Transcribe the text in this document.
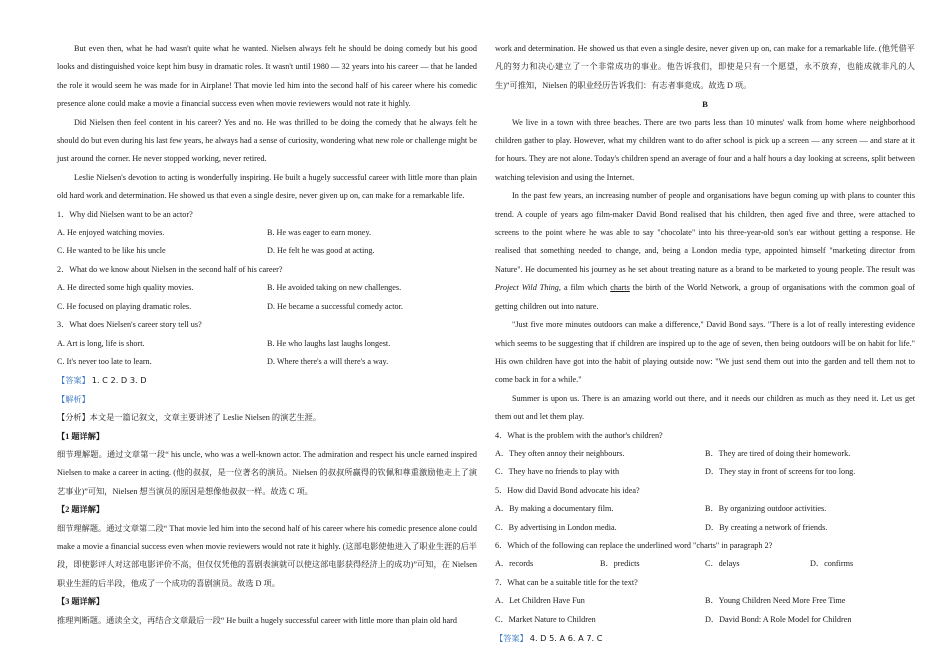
But even then, what he had wasn't quite what he wanted. Nielsen always felt he should be doing comedy but his good looks and distinguished voice kept him busy in dramatic roles. It wasn't until 1980 — 32 years into his career — that he landed the role it would seem he was made for in Airplane! That movie led him into the second half of his career where his comedic presence alone could make a movie a financial success even when movie reviewers would not rate it highly.
Did Nielsen then feel content in his career? Yes and no. He was thrilled to be doing the comedy that he always felt he should do but even during his last few years, he always had a sense of curiosity, wondering what new role or challenge might be just around the corner. He never stopped working, never retired.
Leslie Nielsen's devotion to acting is wonderfully inspiring. He built a hugely successful career with little more than plain old hard work and determination. He showed us that even a single desire, never given up on, can make for a remarkable life.
1．Why did Nielsen want to be an actor?
A. He enjoyed watching movies.	B. He was eager to earn money.
C. He wanted to be like his uncle	D. He felt he was good at acting.
2．What do we know about Nielsen in the second half of his career?
A. He directed some high quality movies.	B. He avoided taking on new challenges.
C. He focused on playing dramatic roles.	D. He became a successful comedy actor.
3．What does Nielsen's career story tell us?
A. Art is long, life is short.	B. He who laughs last laughs longest.
C. It's never too late to learn.	D. Where there's a will there's a way.
【答案】 1. C 2. D 3. D
【解析】
【分析】本文是一篇记叙文，文章主要讲述了 Leslie Nielsen 的演艺生涯。
【1 题详解】
细节理解题。通过文章第一段“ his uncle, who was a well-known actor. The admiration and respect his uncle earned inspired Nielsen to make a career in acting. (他的叔叔，是一位著名的演员。Nielsen 的叔叔所赢得的钦佩和尊重激励他走上了演艺事业)”可知，Nielsen 想当演员的原因是想像他叔叔一样。故选 C 项。
【2 题详解】
细节理解题。通过文章第二段“ That movie led him into the second half of his career where his comedic presence alone could make a movie a financial success even when movie reviewers would not rate it highly. (这部电影使他进入了职业生涯的后半段，即使影评人对这部电影评价不高，但仅仅凭他的喜剧表演就可以使这部电影获得经济上的成功)”可知，在 Nielsen 职业生涯的后半段，他成了一个成功的喜剧演员。故选 D 项。
【3 题详解】
推理判断题。通读全文，再结合文章最后一段“ He built a hugely successful career with little more than plain old hard
work and determination. He showed us that even a single desire, never given up on, can make for a remarkable life. (他凭借平凡的努力和决心建立了一个非常成功的事业。他告诉我们，即使是只有一个愿望，永不放弃，也能成就非凡的人生)”可推知，Nielsen 的职业经历告诉我们：有志者事竟成。故选 D 项。
B
We live in a town with three beaches. There are two parts less than 10 minutes' walk from home where neighborhood children gather to play. However, what my children want to do after school is pick up a screen — any screen — and stare at it for hours. They are not alone. Today's children spend an average of four and a half hours a day looking at screens, split between watching television and using the Internet.
In the past few years, an increasing number of people and organisations have begun coming up with plans to counter this trend. A couple of years ago film-maker David Bond realised that his children, then aged five and three, were attached to screens to the point where he was able to say "chocolate" into his three-year-old son's ear without getting a response. He realised that something needed to change, and, being a London media type, appointed himself "marketing director from Nature". He documented his journey as he set about treating nature as a brand to be marketed to young people. The result was Project Wild Thing, a film which charts the birth of the World Network, a group of organisations with the common goal of getting children out into nature.
"Just five more minutes outdoors can make a difference," David Bond says. "There is a lot of really interesting evidence which seems to be suggesting that if children are inspired up to the age of seven, then being outdoors will be on habit for life." His own children have got into the habit of playing outside now: "We just send them out into the garden and tell them not to come back in for a while."
Summer is upon us. There is an amazing world out there, and it needs our children as much as they need it. Let us get them out and let them play.
4．What is the problem with the author's children?
A．They often annoy their neighbours.	B．They are tired of doing their homework.
C．They have no friends to play with	D．They stay in front of screens for too long.
5．How did David Bond advocate his idea?
A．By making a documentary film.	B．By organizing outdoor activities.
C．By advertising in London media.	D．By creating a network of friends.
6．Which of the following can replace the underlined word "charts" in paragraph 2?
A．records	B．predicts	C．delays	D．confirms
7．What can be a suitable title for the text?
A．Let Children Have Fun	B．Young Children Need More Free Time
C．Market Nature to Children	D．David Bond: A Role Model for Children
【答案】 4. D 5. A 6. A 7. C
